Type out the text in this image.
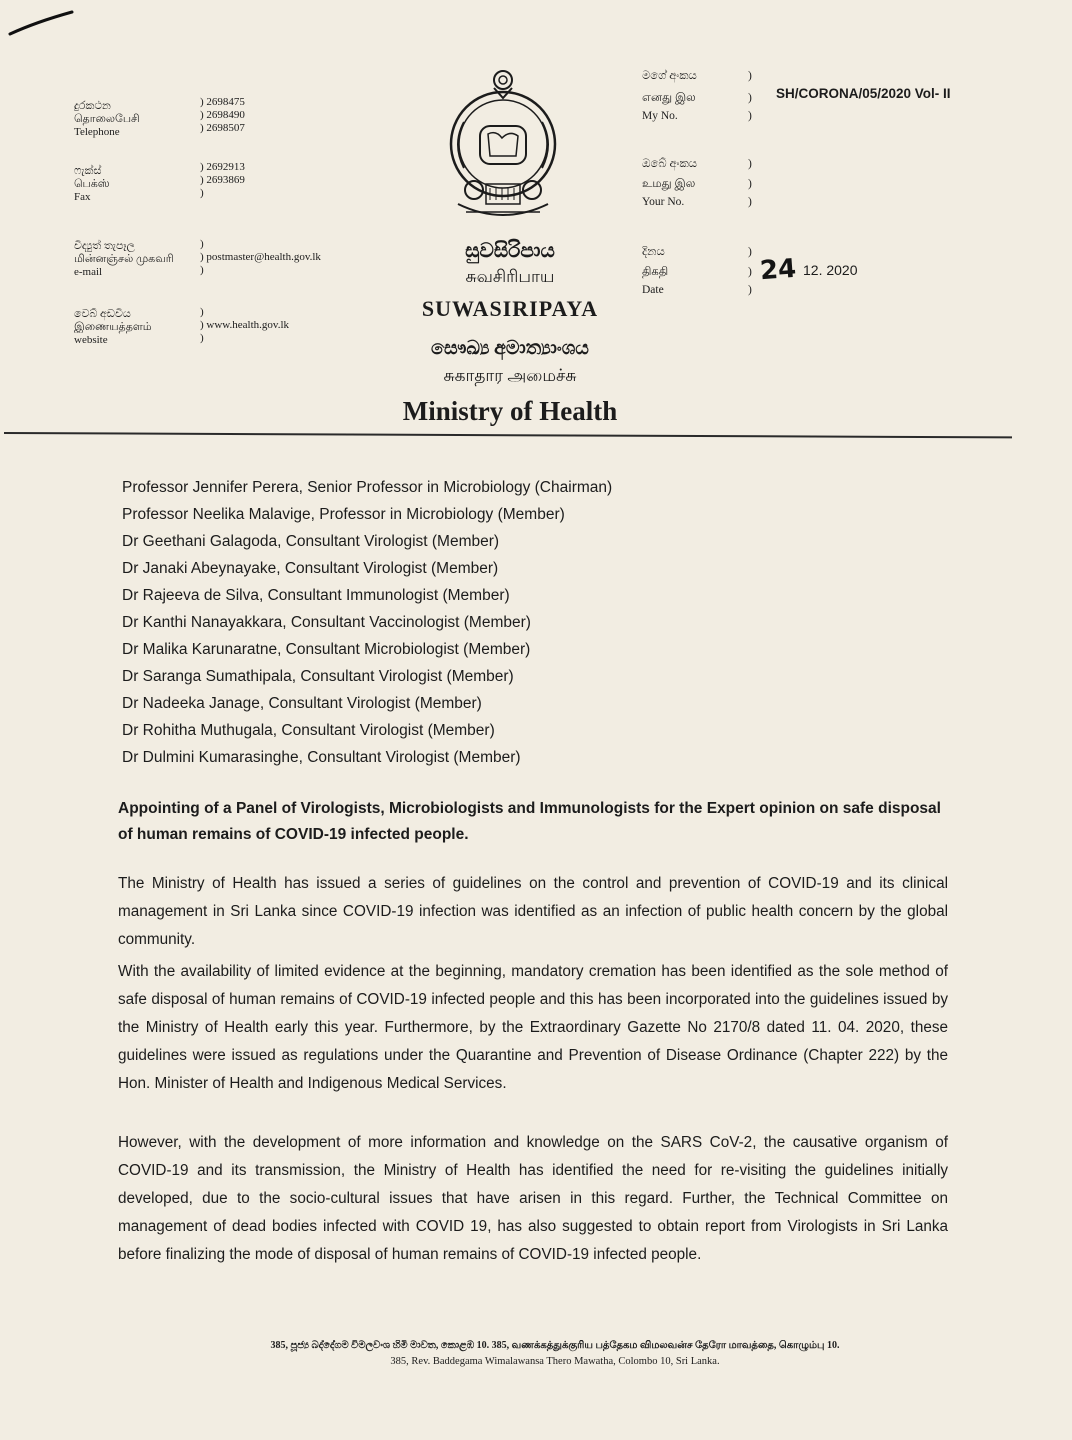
දුරකථන
தொலைபேசி
Telephone
) 2698475
) 2698490
) 2698507
ෆැක්ස්
பெக்ஸ்
Fax
) 2692913
) 2693869
)
විද්‍යුත් තැපෑල
மின்னஞ்சல் முகவரி
e-mail
)
) postmaster@health.gov.lk
)
වෙබ් අඩවිය
இணையத்தளம்
website
)
) www.health.gov.lk
)
මගේ අංකය
எனது இல
My No.
)
)
)
SH/CORONA/05/2020 Vol- II
ඔබේ අංකය
உமது இல
Your No.
)
)
)
දිනය
திகதி
Date
)
)
)
24 12. 2020
සුවසිරිපාය
சுவசிரிபாய
SUWASIRIPAYA
සෞඛ්‍ය අමාත්‍යාංශය
சுகாதார அமைச்சு
Ministry of Health
Professor Jennifer Perera, Senior Professor in Microbiology (Chairman)
Professor Neelika Malavige, Professor in Microbiology (Member)
Dr Geethani Galagoda, Consultant Virologist (Member)
Dr Janaki Abeynayake, Consultant Virologist (Member)
Dr Rajeeva de Silva, Consultant Immunologist (Member)
Dr Kanthi Nanayakkara, Consultant Vaccinologist (Member)
Dr Malika Karunaratne, Consultant Microbiologist (Member)
Dr Saranga Sumathipala, Consultant Virologist (Member)
Dr Nadeeka Janage, Consultant Virologist (Member)
Dr Rohitha Muthugala, Consultant Virologist (Member)
Dr Dulmini Kumarasinghe, Consultant Virologist (Member)
Appointing of a Panel of Virologists, Microbiologists and Immunologists for the Expert opinion on safe disposal of human remains of COVID-19 infected people.
The Ministry of Health has issued a series of guidelines on the control and prevention of COVID-19 and its clinical management in Sri Lanka since COVID-19 infection was identified as an infection of public health concern by the global community.
With the availability of limited evidence at the beginning, mandatory cremation has been identified as the sole method of safe disposal of human remains of COVID-19 infected people and this has been incorporated into the guidelines issued by the Ministry of Health early this year. Furthermore, by the Extraordinary Gazette No 2170/8 dated 11. 04. 2020, these guidelines were issued as regulations under the Quarantine and Prevention of Disease Ordinance (Chapter 222) by the Hon. Minister of Health and Indigenous Medical Services.
However, with the development of more information and knowledge on the SARS CoV-2, the causative organism of COVID-19 and its transmission, the Ministry of Health has identified the need for re-visiting the guidelines initially developed, due to the socio-cultural issues that have arisen in this regard. Further, the Technical Committee on management of dead bodies infected with COVID 19, has also suggested to obtain report from Virologists in Sri Lanka before finalizing the mode of disposal of human remains of COVID-19 infected people.
385, පූජ්‍ය බද්දේගම විමලවංශ හිමි මාවත, කොළඹ 10. 385, வணக்கத்துக்குரிய பத்தேகம விமலவன்ச தேரோ மாவத்தை, கொழும்பு 10.
385, Rev. Baddegama Wimalawansa Thero Mawatha, Colombo 10, Sri Lanka.
